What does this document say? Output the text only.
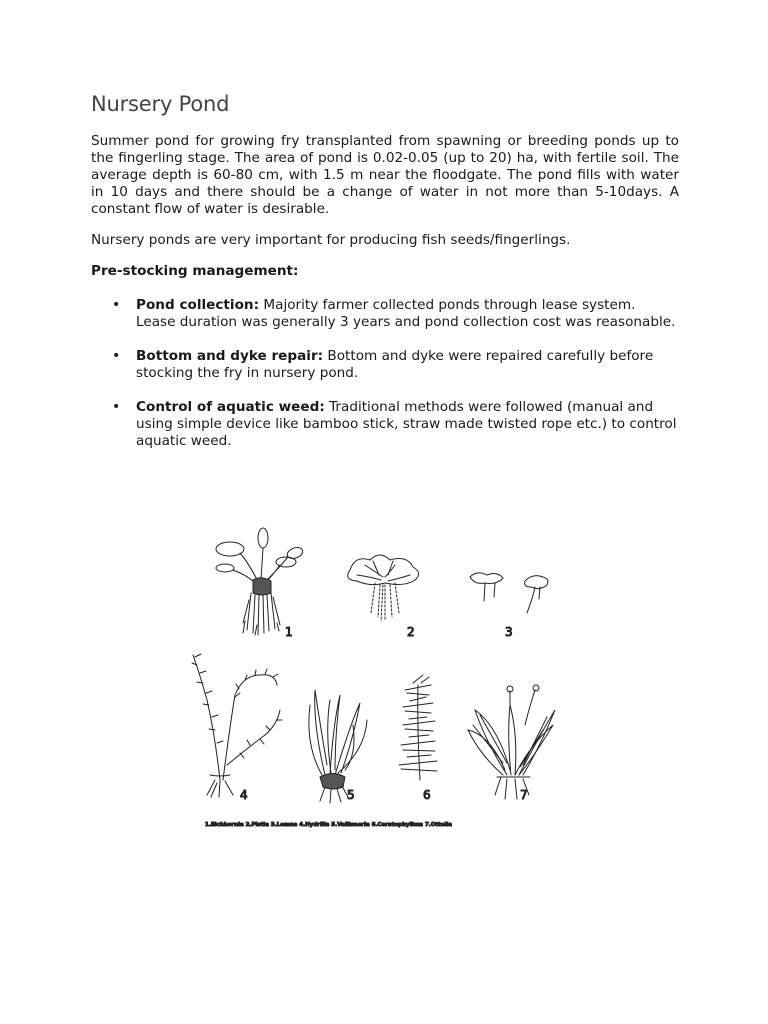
Nursery Pond

Summer pond for growing fry transplanted from spawning or breeding ponds up to the fingerling stage. The area of pond is 0.02-0.05 (up to 20) ha, with fertile soil. The average depth is 60-80 cm, with 1.5 m near the floodgate. The pond fills with water in 10 days and there should be a change of water in not more than 5-10days. A constant flow of water is desirable.

Nursery ponds are very important for producing fish seeds/fingerlings.

Pre-stocking management:

• Pond collection: Majority farmer collected ponds through lease system. Lease duration was generally 3 years and pond collection cost was reasonable.
• Bottom and dyke repair: Bottom and dyke were repaired carefully before stocking the fry in nursery pond.
• Control of aquatic weed: Traditional methods were followed (manual and using simple device like bamboo stick, straw made twisted rope etc.) to control aquatic weed.
1	2	3
4	5	6	7
1.Eichhornia 2.Pistia 3.Lemna 4.Hydrilla 5.Vallisneria 6.Ceratophyllum 7.Ottelia
